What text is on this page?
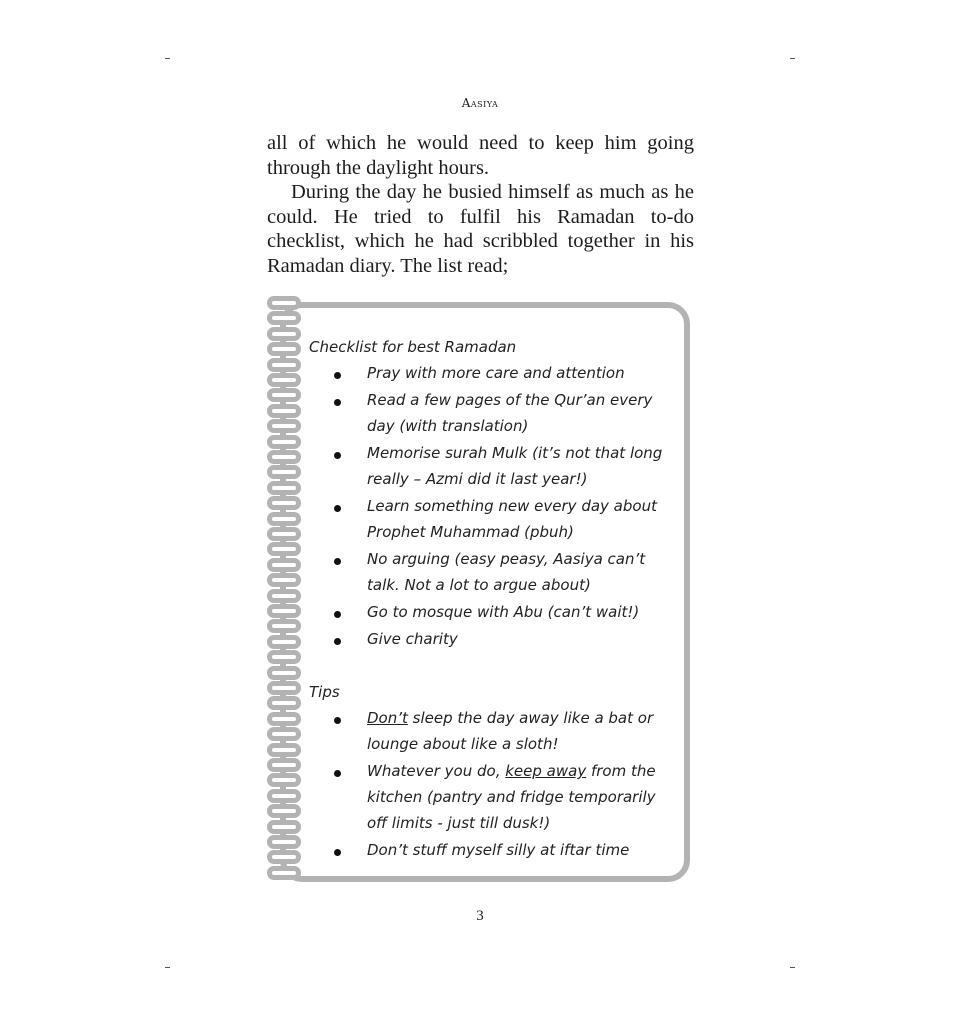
Aasiya

all of which he would need to keep him going through the daylight hours.

During the day he busied himself as much as he could. He tried to fulfil his Ramadan to-do checklist, which he had scribbled together in his Ramadan diary. The list read;

Checklist for best Ramadan
Pray with more care and attention
Read a few pages of the Qur’an every day (with translation)
Memorise surah Mulk (it’s not that long really – Azmi did it last year!)
Learn something new every day about Prophet Muhammad (pbuh)
No arguing (easy peasy, Aasiya can’t talk. Not a lot to argue about)
Go to mosque with Abu (can’t wait!)
Give charity
Tips
Don’t sleep the day away like a bat or lounge about like a sloth!
Whatever you do, keep away from the kitchen (pantry and fridge temporarily off limits - just till dusk!)
Don’t stuff myself silly at iftar time
3
